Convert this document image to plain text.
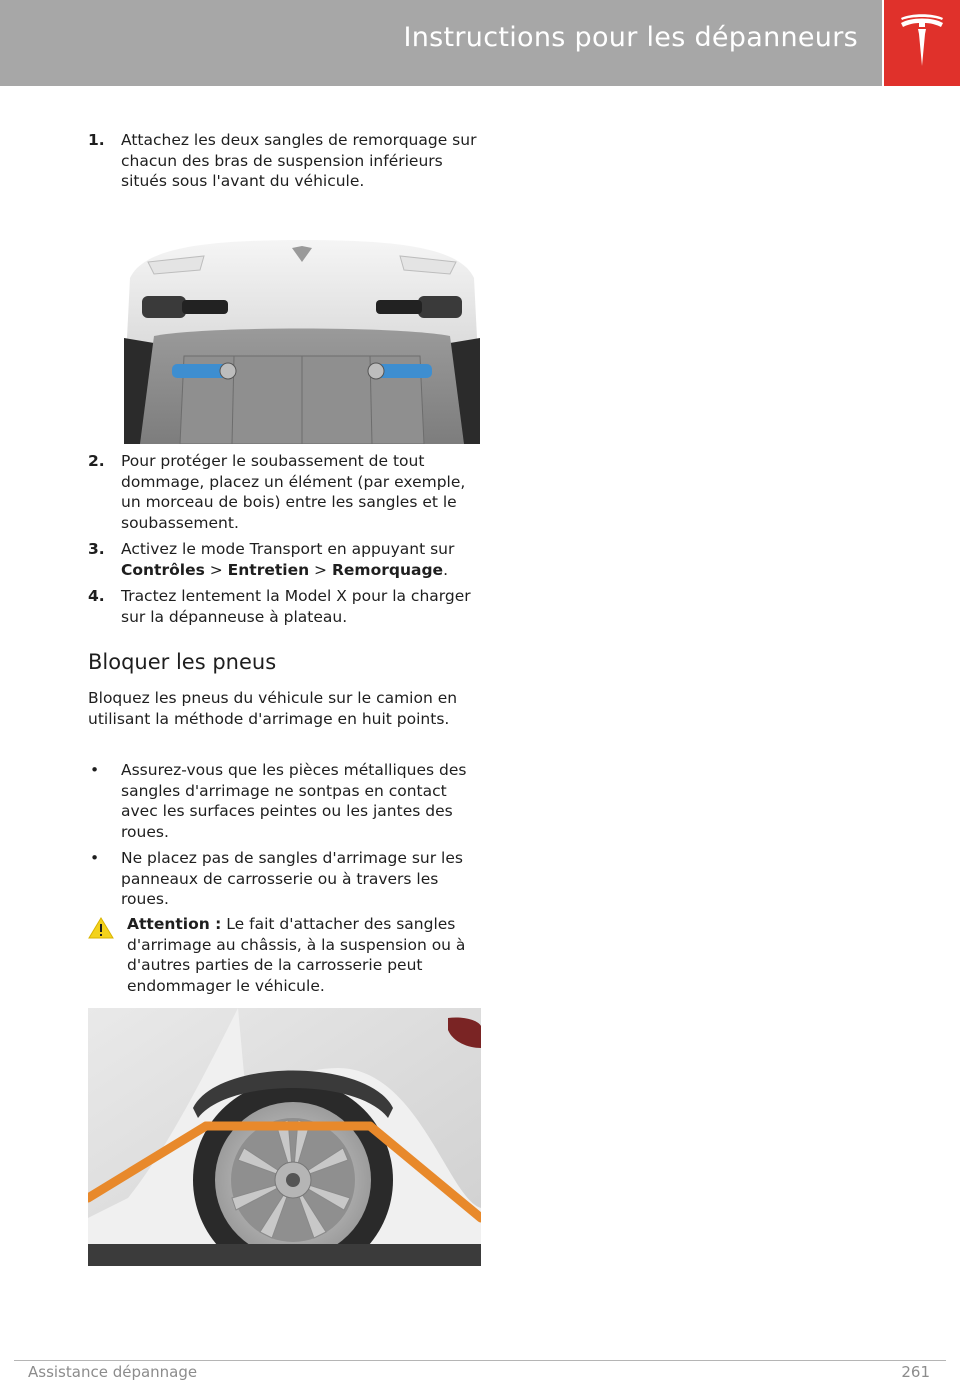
Instructions pour les dépanneurs
1. Attachez les deux sangles de remorquage sur chacun des bras de suspension inférieurs situés sous l'avant du véhicule.
2. Pour protéger le soubassement de tout dommage, placez un élément (par exemple, un morceau de bois) entre les sangles et le soubassement.
3. Activez le mode Transport en appuyant sur Contrôles > Entretien > Remorquage.
4. Tractez lentement la Model X pour la charger sur la dépanneuse à plateau.
Bloquer les pneus
Bloquez les pneus du véhicule sur le camion en utilisant la méthode d'arrimage en huit points.
• Assurez-vous que les pièces métalliques des sangles d'arrimage ne sontpas en contact avec les surfaces peintes ou les jantes des roues.
• Ne placez pas de sangles d'arrimage sur les panneaux de carrosserie ou à travers les roues.
Attention : Le fait d'attacher des sangles d'arrimage au châssis, à la suspension ou à d'autres parties de la carrosserie peut endommager le véhicule.
Assistance dépannage	261
